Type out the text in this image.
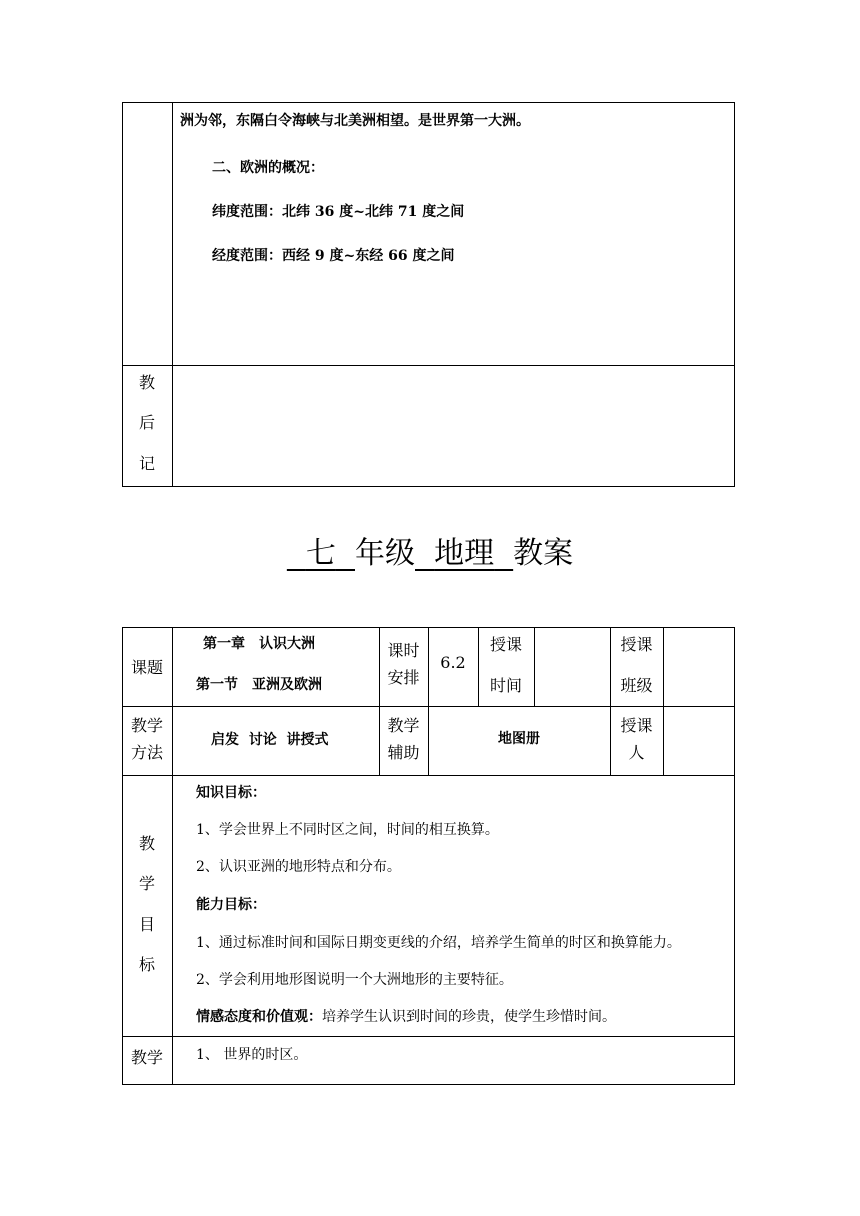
洲为邻，东隔白令海峡与北美洲相望。是世界第一大洲。
二、欧洲的概况：
纬度范围：北纬 36 度~北纬 71 度之间
经度范围：西经 9 度~东经 66 度之间
教
后
记
七 年级 地理 教案
课题
第一章　认识大洲
第一节　亚洲及欧洲
课时
安排
6.2
授课
时间
授课
班级
教学
方法
启发  讨论  讲授式
教学
辅助
地图册
授课
人
教
学
目
标
知识目标：
1、学会世界上不同时区之间，时间的相互换算。
2、认识亚洲的地形特点和分布。
能力目标：
1、通过标准时间和国际日期变更线的介绍，培养学生简单的时区和换算能力。
2、学会利用地形图说明一个大洲地形的主要特征。
情感态度和价值观：培养学生认识到时间的珍贵，使学生珍惜时间。
教学	1、 世界的时区。
